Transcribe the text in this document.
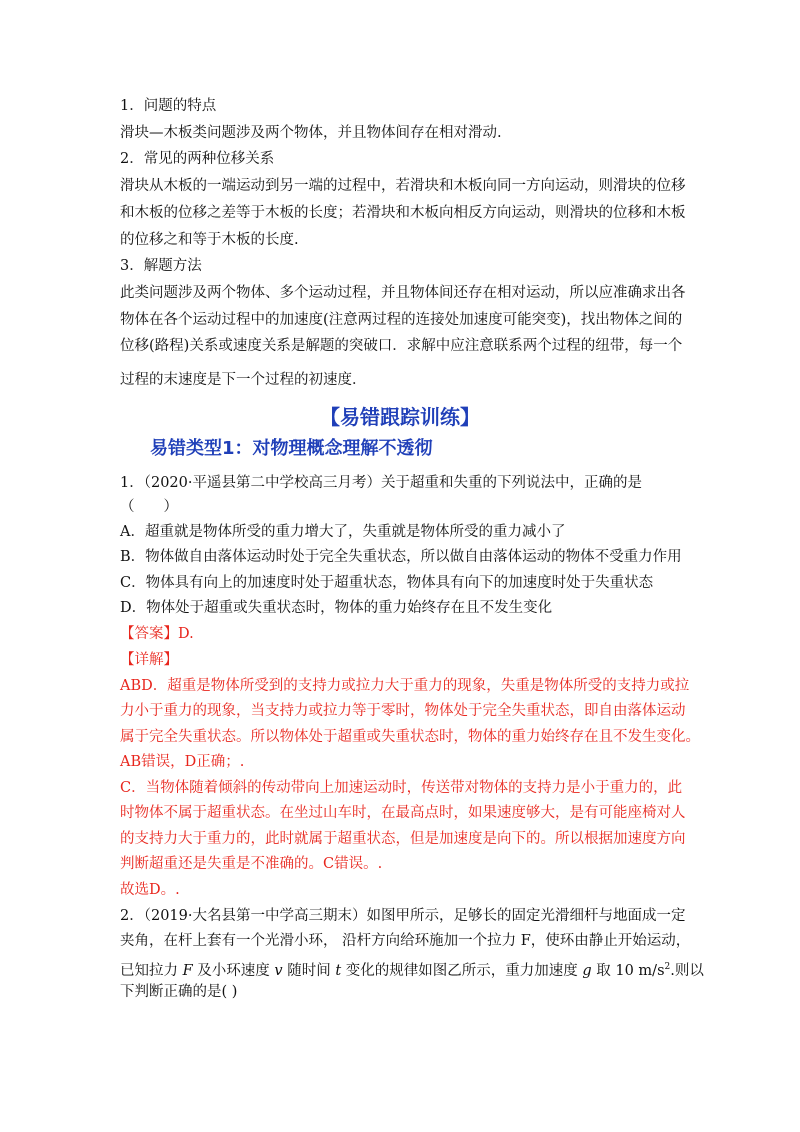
1．问题的特点
滑块—木板类问题涉及两个物体，并且物体间存在相对滑动.
2．常见的两种位移关系
滑块从木板的一端运动到另一端的过程中，若滑块和木板向同一方向运动，则滑块的位移
和木板的位移之差等于木板的长度；若滑块和木板向相反方向运动，则滑块的位移和木板
的位移之和等于木板的长度.
3．解题方法
此类问题涉及两个物体、多个运动过程，并且物体间还存在相对运动，所以应准确求出各
物体在各个运动过程中的加速度(注意两过程的连接处加速度可能突变)，找出物体之间的
位移(路程)关系或速度关系是解题的突破口．求解中应注意联系两个过程的纽带，每一个
过程的末速度是下一个过程的初速度．
【易错跟踪训练】
易错类型1：对物理概念理解不透彻
1．（2020·平遥县第二中学校高三月考）关于超重和失重的下列说法中，正确的是
（　　）
A．超重就是物体所受的重力增大了，失重就是物体所受的重力减小了
B．物体做自由落体运动时处于完全失重状态，所以做自由落体运动的物体不受重力作用
C．物体具有向上的加速度时处于超重状态，物体具有向下的加速度时处于失重状态
D．物体处于超重或失重状态时，物体的重力始终存在且不发生变化
【答案】D.
【详解】
ABD．超重是物体所受到的支持力或拉力大于重力的现象，失重是物体所受的支持力或拉
力小于重力的现象，当支持力或拉力等于零时，物体处于完全失重状态，即自由落体运动
属于完全失重状态。所以物体处于超重或失重状态时，物体的重力始终存在且不发生变化。
AB错误，D正确；.
C．当物体随着倾斜的传动带向上加速运动时，传送带对物体的支持力是小于重力的，此
时物体不属于超重状态。在坐过山车时，在最高点时，如果速度够大，是有可能座椅对人
的支持力大于重力的，此时就属于超重状态，但是加速度是向下的。所以根据加速度方向
判断超重还是失重是不准确的。C错误。.
故选D。.
2．（2019·大名县第一中学高三期末）如图甲所示，足够长的固定光滑细杆与地面成一定
夹角，在杆上套有一个光滑小环， 沿杆方向给环施加一个拉力 F，使环由静止开始运动，
已知拉力 F 及小环速度 v 随时间 t 变化的规律如图乙所示，重力加速度 g 取 10 $m/s^2$.则以
下判断正确的是( )
